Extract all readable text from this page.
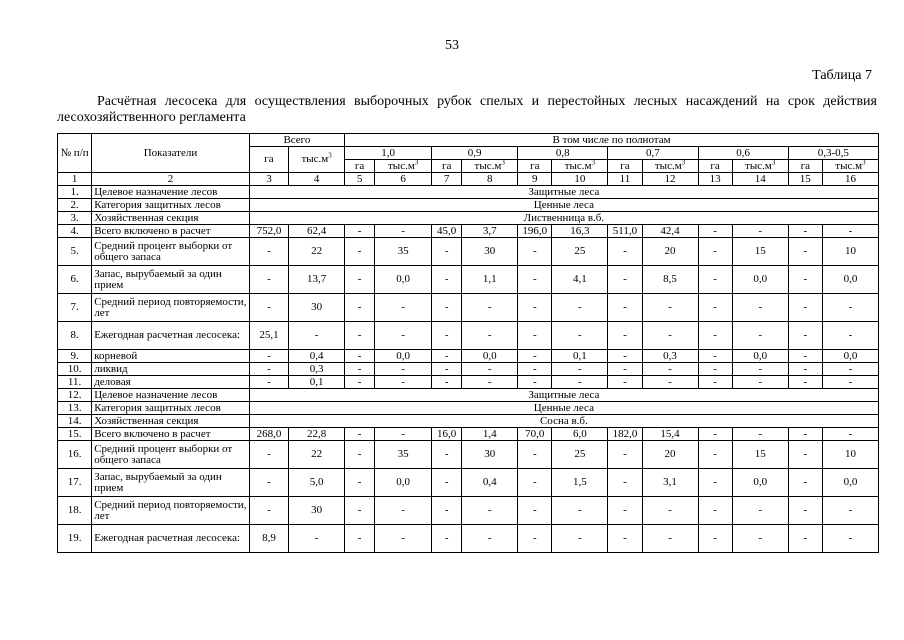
53
Таблица 7
Расчётная лесосека для осуществления выборочных рубок спелых и перестойных лесных насаждений на срок действия лесохозяйственного регламента
№ п/п	Показатели	Всего		В том числе по полнотам											
		га	$тыс.м^3$	1,0		0,9		0,8		0,7		0,6		0,3-0,5	
				га	$тыс.м^3$	га	$тыс.м^3$	га	$тыс.м^3$	га	$тыс.м^3$	га	$тыс.м^3$	га	$тыс.м^3$
1	2	3	4	5	6	7	8	9	10	11	12	13	14	15	16
1.	Целевое назначение лесов	Защитные леса													
2.	Категория защитных лесов	Ценные леса													
3.	Хозяйственная секция	Лиственница в.б.													
4.	Всего включено в расчет	752,0	62,4	-	-	45,0	3,7	196,0	16,3	511,0	42,4	-	-	-	-
5.	Средний процент выборки от общего запаса	-	22	-	35	-	30	-	25	-	20	-	15	-	10
6.	Запас, вырубаемый за один прием	-	13,7	-	0,0	-	1,1	-	4,1	-	8,5	-	0,0	-	0,0
7.	Средний период повторяемости, лет	-	30	-	-	-	-	-	-	-	-	-	-	-	-
8.	Ежегодная расчетная лесосека:	25,1	-	-	-	-	-	-	-	-	-	-	-	-	-
9.	корневой	-	0,4	-	0,0	-	0,0	-	0,1	-	0,3	-	0,0	-	0,0
10.	ликвид	-	0,3	-	-	-	-	-	-	-	-	-	-	-	-
11.	деловая	-	0,1	-	-	-	-	-	-	-	-	-	-	-	-
12.	Целевое назначение лесов	Защитные леса													
13.	Категория защитных лесов	Ценные леса													
14.	Хозяйственная секция	Сосна в.б.													
15.	Всего включено в расчет	268,0	22,8	-	-	16,0	1,4	70,0	6,0	182,0	15,4	-	-	-	-
16.	Средний процент выборки от общего запаса	-	22	-	35	-	30	-	25	-	20	-	15	-	10
17.	Запас, вырубаемый за один прием	-	5,0	-	0,0	-	0,4	-	1,5	-	3,1	-	0,0	-	0,0
18.	Средний период повторяемости, лет	-	30	-	-	-	-	-	-	-	-	-	-	-	-
19.	Ежегодная расчетная лесосека:	8,9	-	-	-	-	-	-	-	-	-	-	-	-	-
